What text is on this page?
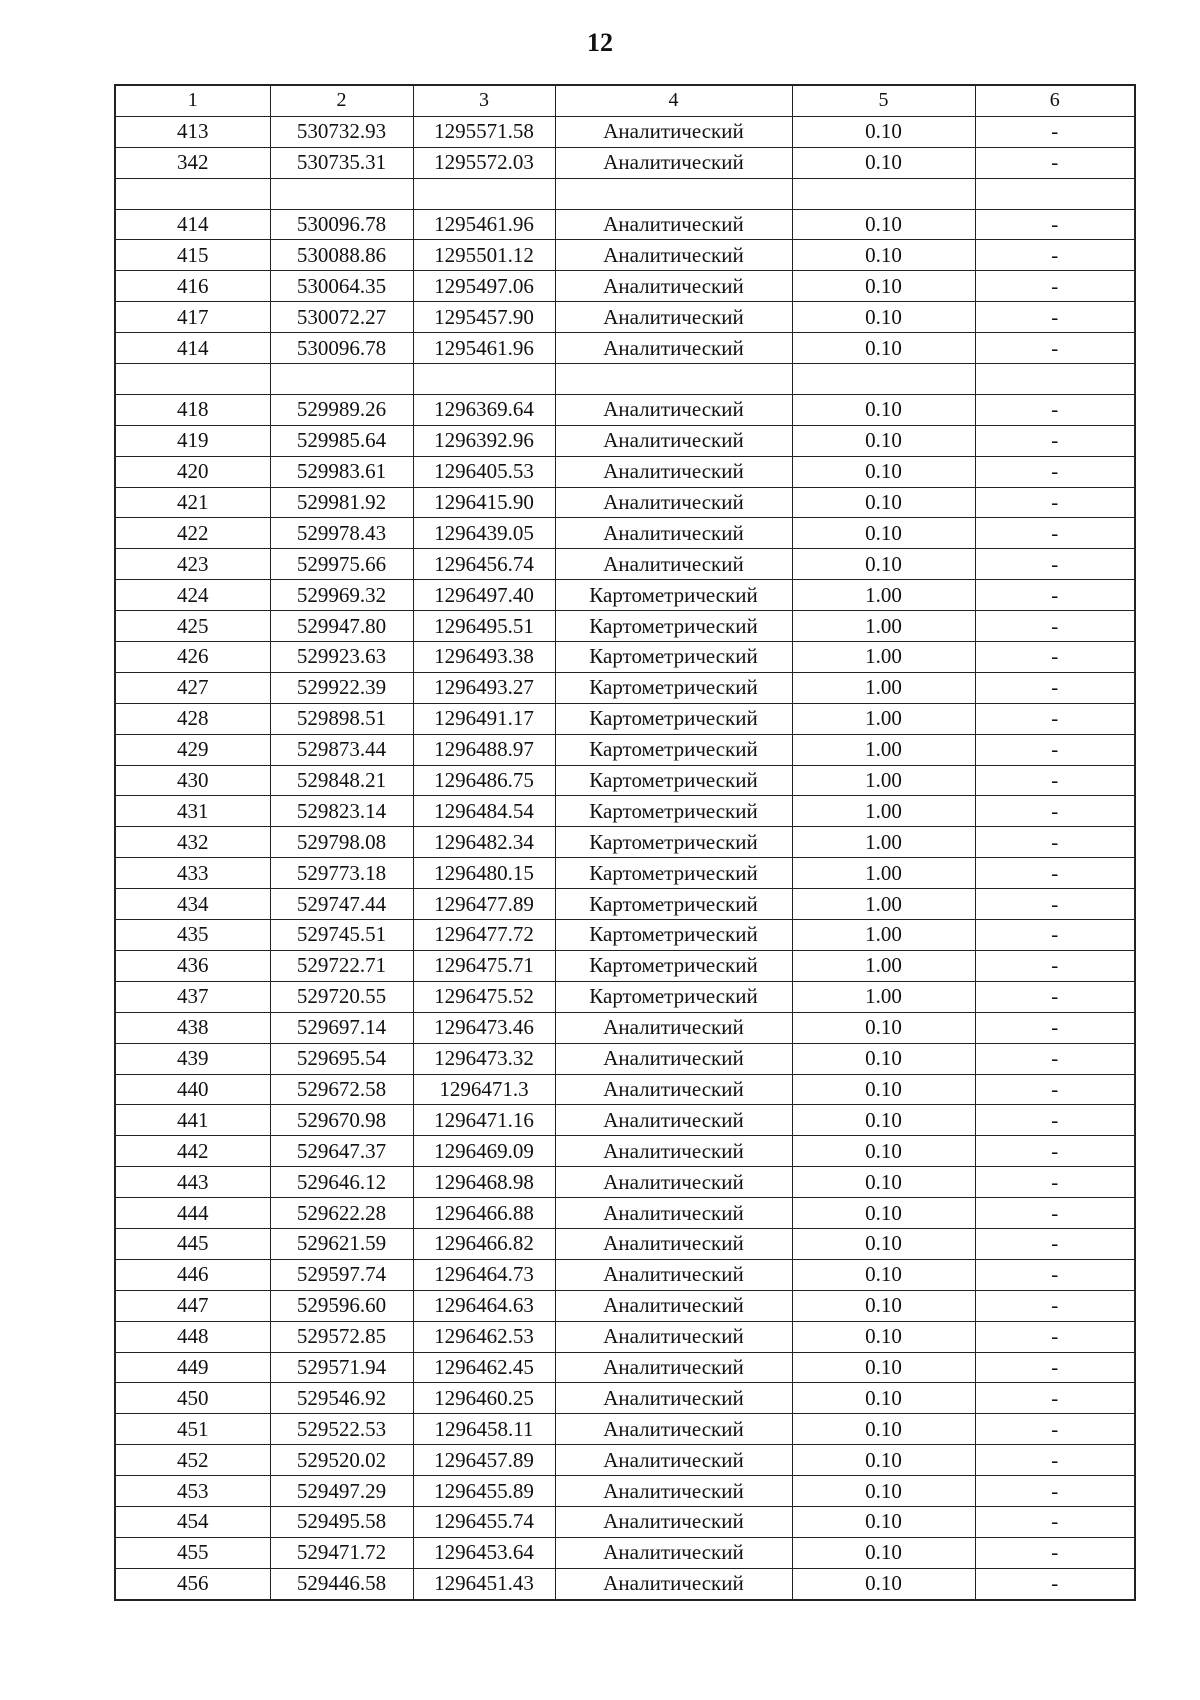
12
1	2	3	4	5	6
413	530732.93	1295571.58	Аналитический	0.10	-
342	530735.31	1295572.03	Аналитический	0.10	-

414	530096.78	1295461.96	Аналитический	0.10	-
415	530088.86	1295501.12	Аналитический	0.10	-
416	530064.35	1295497.06	Аналитический	0.10	-
417	530072.27	1295457.90	Аналитический	0.10	-
414	530096.78	1295461.96	Аналитический	0.10	-

418	529989.26	1296369.64	Аналитический	0.10	-
419	529985.64	1296392.96	Аналитический	0.10	-
420	529983.61	1296405.53	Аналитический	0.10	-
421	529981.92	1296415.90	Аналитический	0.10	-
422	529978.43	1296439.05	Аналитический	0.10	-
423	529975.66	1296456.74	Аналитический	0.10	-
424	529969.32	1296497.40	Картометрический	1.00	-
425	529947.80	1296495.51	Картометрический	1.00	-
426	529923.63	1296493.38	Картометрический	1.00	-
427	529922.39	1296493.27	Картометрический	1.00	-
428	529898.51	1296491.17	Картометрический	1.00	-
429	529873.44	1296488.97	Картометрический	1.00	-
430	529848.21	1296486.75	Картометрический	1.00	-
431	529823.14	1296484.54	Картометрический	1.00	-
432	529798.08	1296482.34	Картометрический	1.00	-
433	529773.18	1296480.15	Картометрический	1.00	-
434	529747.44	1296477.89	Картометрический	1.00	-
435	529745.51	1296477.72	Картометрический	1.00	-
436	529722.71	1296475.71	Картометрический	1.00	-
437	529720.55	1296475.52	Картометрический	1.00	-
438	529697.14	1296473.46	Аналитический	0.10	-
439	529695.54	1296473.32	Аналитический	0.10	-
440	529672.58	1296471.3	Аналитический	0.10	-
441	529670.98	1296471.16	Аналитический	0.10	-
442	529647.37	1296469.09	Аналитический	0.10	-
443	529646.12	1296468.98	Аналитический	0.10	-
444	529622.28	1296466.88	Аналитический	0.10	-
445	529621.59	1296466.82	Аналитический	0.10	-
446	529597.74	1296464.73	Аналитический	0.10	-
447	529596.60	1296464.63	Аналитический	0.10	-
448	529572.85	1296462.53	Аналитический	0.10	-
449	529571.94	1296462.45	Аналитический	0.10	-
450	529546.92	1296460.25	Аналитический	0.10	-
451	529522.53	1296458.11	Аналитический	0.10	-
452	529520.02	1296457.89	Аналитический	0.10	-
453	529497.29	1296455.89	Аналитический	0.10	-
454	529495.58	1296455.74	Аналитический	0.10	-
455	529471.72	1296453.64	Аналитический	0.10	-
456	529446.58	1296451.43	Аналитический	0.10	-
